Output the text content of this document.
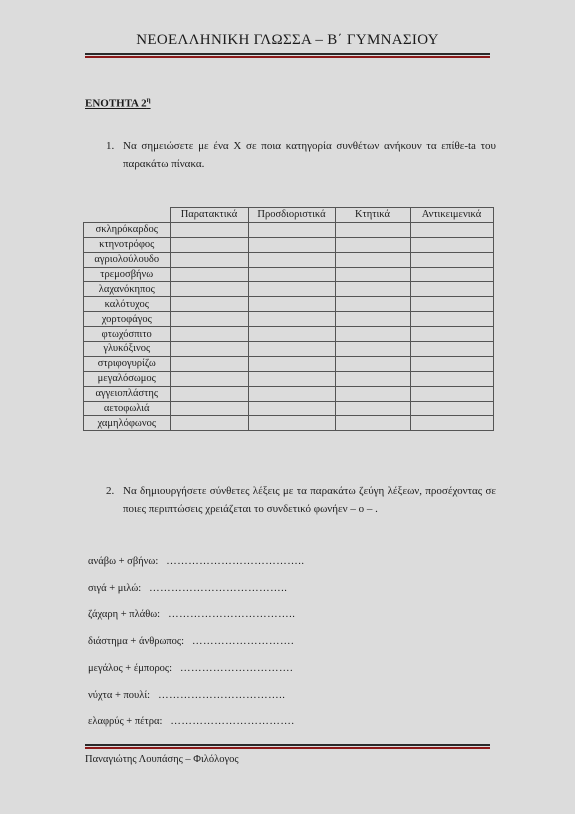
ΝΕΟΕΛΛΗΝΙΚΗ ΓΛΩΣΣΑ – Β΄ ΓΥΜΝΑΣΙΟΥ
ΕΝΟΤΗΤΑ $2^\eta$
1. Να σημειώσετε με ένα Χ σε ποια κατηγορία συνθέτων ανήκουν τα επίθε-ta του παρακάτω πίνακα.
	Παρατακτικά	Προσδιοριστικά	Κτητικά	Αντικειμενικά
σκληρόκαρδος				
κτηνοτρόφος				
αγριολούλουδο				
τρεμοσβήνω				
λαχανόκηπος				
καλότυχος				
χορτοφάγος				
φτωχόσπιτο				
γλυκόξινος				
στριφογυρίζω				
μεγαλόσωμος				
αγγειοπλάστης				
αετοφωλιά				
χαμηλόφωνος				
2. Να δημιουργήσετε σύνθετες λέξεις με τα παρακάτω ζεύγη λέξεων, προσέχοντας σε ποιες περιπτώσεις χρειάζεται το συνδετικό φωνήεν – ο – .
ανάβω + σβήνω: ………………………………..
σιγά + μιλώ: ………………………………..
ζάχαρη + πλάθω: ……………………………..
διάστημα + άνθρωπος: ……………………….
μεγάλος + έμπορος: ………………………….
νύχτα + πουλί: ……………………………..
ελαφρύς + πέτρα: …………………………….
Παναγιώτης Λουπάσης – Φιλόλογος
